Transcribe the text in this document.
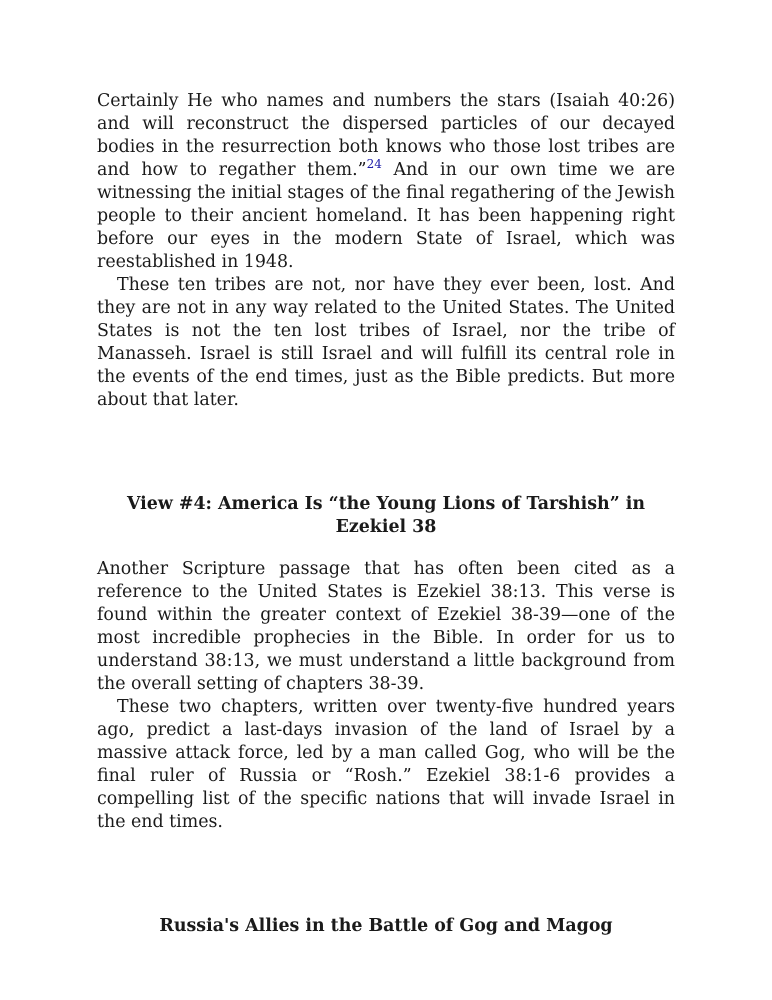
Certainly He who names and numbers the stars (Isaiah 40:26) and will reconstruct the dispersed particles of our decayed bodies in the resurrection both knows who those lost tribes are and how to regather them.”$^{24}$ And in our own time we are witnessing the initial stages of the final regathering of the Jewish people to their ancient homeland. It has been happening right before our eyes in the modern State of Israel, which was reestablished in 1948.

These ten tribes are not, nor have they ever been, lost. And they are not in any way related to the United States. The United States is not the ten lost tribes of Israel, nor the tribe of Manasseh. Israel is still Israel and will fulfill its central role in the events of the end times, just as the Bible predicts. But more about that later.

View #4: America Is “the Young Lions of Tarshish” in Ezekiel 38

Another Scripture passage that has often been cited as a reference to the United States is Ezekiel 38:13. This verse is found within the greater context of Ezekiel 38-39—one of the most incredible prophecies in the Bible. In order for us to understand 38:13, we must understand a little background from the overall setting of chapters 38-39.

These two chapters, written over twenty-five hundred years ago, predict a last-days invasion of the land of Israel by a massive attack force, led by a man called Gog, who will be the final ruler of Russia or “Rosh.” Ezekiel 38:1-6 provides a compelling list of the specific nations that will invade Israel in the end times.

Russia's Allies in the Battle of Gog and Magog
